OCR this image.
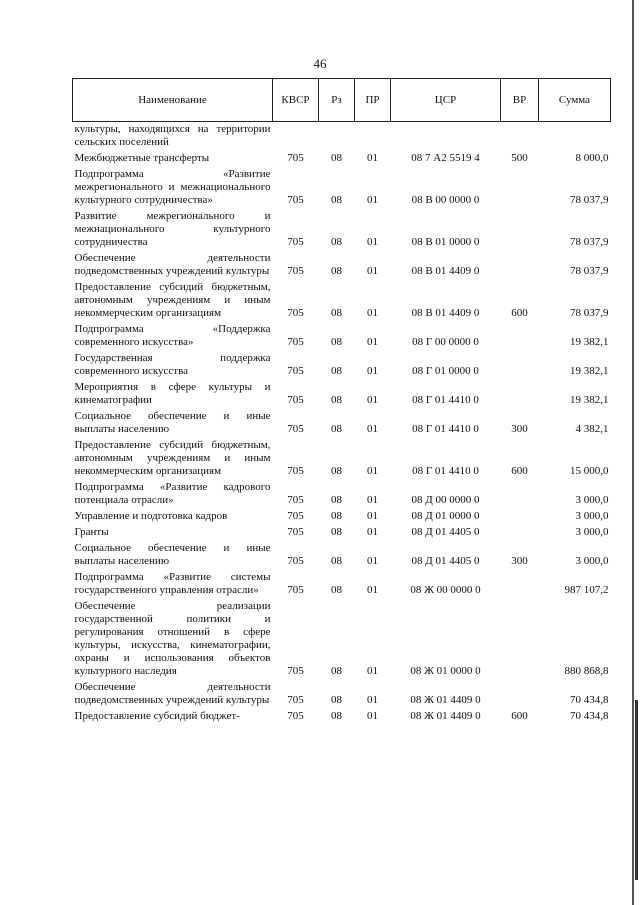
46
Наименование	КВСР	Рз	ПР	ЦСР	ВР	Сумма
культуры, находящихся на территории сельских поселений						
Межбюджетные трансферты	705	08	01	08 7 А2 5519 4	500	8 000,0
Подпрограмма «Развитие межрегионального и межнационального культурного сотрудничества»	705	08	01	08 В 00 0000 0		78 037,9
Развитие межрегионального и межнационального культурного сотрудничества	705	08	01	08 В 01 0000 0		78 037,9
Обеспечение деятельности подведомственных учреждений культуры	705	08	01	08 В 01 4409 0		78 037,9
Предоставление субсидий бюджетным, автономным учреждениям и иным некоммерческим организациям	705	08	01	08 В 01 4409 0	600	78 037,9
Подпрограмма «Поддержка современного искусства»	705	08	01	08 Г 00 0000 0		19 382,1
Государственная поддержка современного искусства	705	08	01	08 Г 01 0000 0		19 382,1
Мероприятия в сфере культуры и кинематографии	705	08	01	08 Г 01 4410 0		19 382,1
Социальное обеспечение и иные выплаты населению	705	08	01	08 Г 01 4410 0	300	4 382,1
Предоставление субсидий бюджетным, автономным учреждениям и иным некоммерческим организациям	705	08	01	08 Г 01 4410 0	600	15 000,0
Подпрограмма «Развитие кадрового потенциала отрасли»	705	08	01	08 Д 00 0000 0		3 000,0
Управление и подготовка кадров	705	08	01	08 Д 01 0000 0		3 000,0
Гранты	705	08	01	08 Д 01 4405 0		3 000,0
Социальное обеспечение и иные выплаты населению	705	08	01	08 Д 01 4405 0	300	3 000,0
Подпрограмма «Развитие системы государственного управления отрасли»	705	08	01	08 Ж 00 0000 0		987 107,2
Обеспечение реализации государственной политики и регулирования отношений в сфере культуры, искусства, кинематографии, охраны и использования объектов культурного наследия	705	08	01	08 Ж 01 0000 0		880 868,8
Обеспечение деятельности подведомственных учреждений культуры	705	08	01	08 Ж 01 4409 0		70 434,8
Предоставление субсидий бюджет-	705	08	01	08 Ж 01 4409 0	600	70 434,8
